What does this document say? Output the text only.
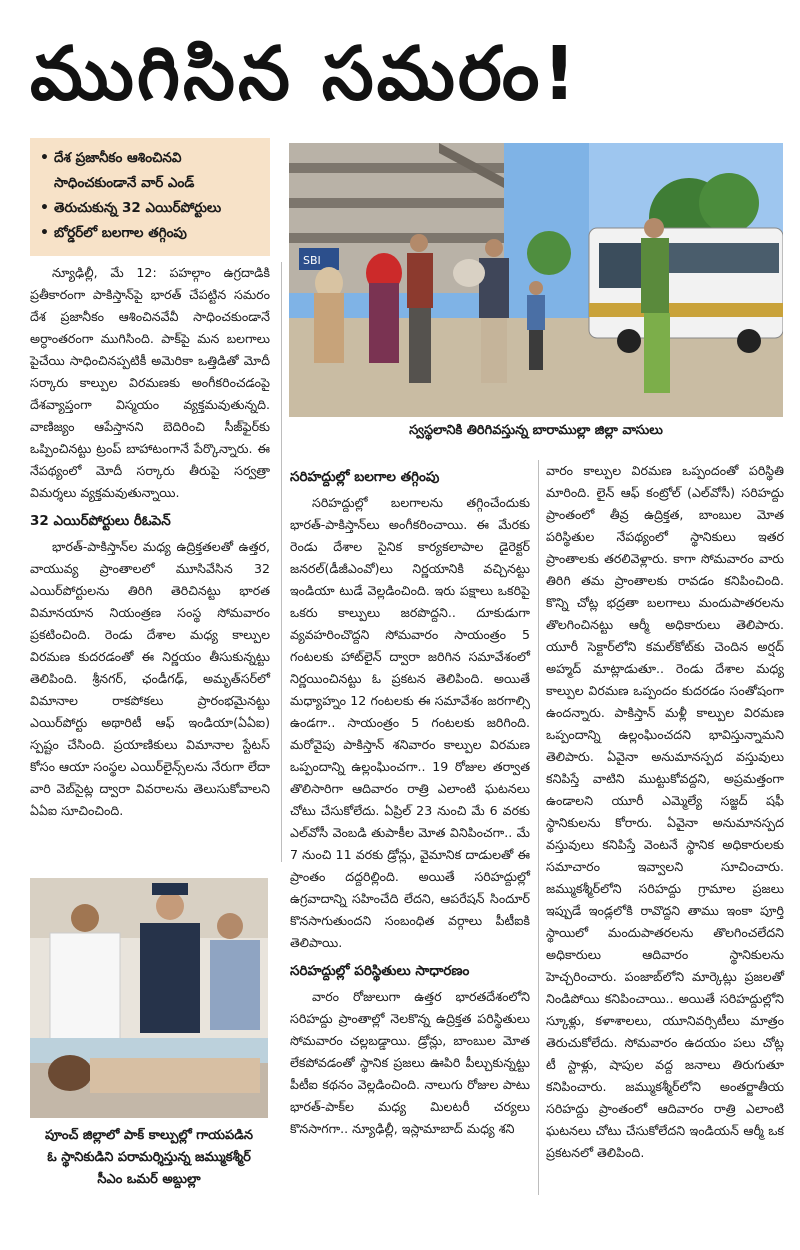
ముగిసిన సమరం!
• దేశ ప్రజానీకం ఆశించినవి
సాధించకుండానే వార్ ఎండ్
• తెరుచుకున్న 32 ఎయిర్‌పోర్టులు
• బోర్డర్‌లో బలగాల తగ్గింపు
SBI
స్వస్థలానికి తిరిగివస్తున్న బారాముల్లా జిల్లా వాసులు

న్యూఢిల్లీ, మే 12: పహల్గాం ఉగ్రదాడికి ప్రతీకారంగా పాకిస్తాన్‌పై భారత్ చేపట్టిన సమరం దేశ ప్రజానీకం ఆశించినవేవీ సాధించకుండానే అర్ధాంతరంగా ముగిసింది. పాక్‌పై మన బలగాలు పైచేయి సాధించినప్పటికీ అమెరికా ఒత్తిడితో మోదీ సర్కారు కాల్పుల విరమణకు అంగీకరించడంపై దేశవ్యాప్తంగా విస్మయం వ్యక్తమవుతున్నది. వాణిజ్యం ఆపేస్తానని బెదిరించి సీజ్‌ఫైర్‌కు ఒప్పించినట్టు ట్రంప్ బాహాటంగానే పేర్కొన్నారు. ఈ నేపథ్యంలో మోదీ సర్కారు తీరుపై సర్వత్రా విమర్శలు వ్యక్తమవుతున్నాయి.

32 ఎయిర్‌పోర్టులు రీఓపెన్

భారత్-పాకిస్తాన్‌ల మధ్య ఉద్రిక్తతలతో ఉత్తర, వాయువ్య ప్రాంతాలలో మూసివేసిన 32 ఎయిర్‌పోర్టులను తిరిగి తెరిచినట్టు భారత విమానయాన నియంత్రణ సంస్థ సోమవారం ప్రకటించింది. రెండు దేశాల మధ్య కాల్పుల విరమణ కుదరడంతో ఈ నిర్ణయం తీసుకున్నట్టు తెలిపింది. శ్రీనగర్, ఛండీగఢ్, అమృత్‌సర్‌లో విమానాల రాకపోకలు ప్రారంభమైనట్టు ఎయిర్‌పోర్టు అథారిటీ ఆఫ్ ఇండియా(ఏఏఐ) స్పష్టం చేసింది. ప్రయాణికులు విమానాల స్టేటస్ కోసం ఆయా సంస్థల ఎయిర్‌లైన్స్‌లను నేరుగా లేదా వారి వెబ్‌సైట్ల ద్వారా వివరాలను తెలుసుకోవాలని ఏఏఐ సూచించింది.

పూంచ్ జిల్లాలో పాక్ కాల్పుల్లో గాయపడిన
ఓ స్థానికుడిని పరామర్శిస్తున్న జమ్ముకశ్మీర్
సీఎం ఒమర్ అబ్దుల్లా

సరిహద్దుల్లో బలగాల తగ్గింపు

సరిహద్దుల్లో బలగాలను తగ్గించేందుకు భారత్-పాకిస్తాన్‌లు అంగీకరించాయి. ఈ మేరకు రెండు దేశాల సైనిక కార్యకలాపాల డైరెక్టర్ జనరల్(డీజీఎంవో)లు నిర్ణయానికి వచ్చినట్టు ఇండియా టుడే వెల్లడించింది. ఇరు పక్షాలు ఒకరిపై ఒకరు కాల్పులు జరపొద్దని.. దూకుడుగా వ్యవహరించొద్దని సోమవారం సాయంత్రం 5 గంటలకు హాట్‌లైన్ ద్వారా జరిగిన సమావేశంలో నిర్ణయించినట్టు ఓ ప్రకటన తెలిపింది. అయితే మధ్యాహ్నం 12 గంటలకు ఈ సమావేశం జరగాల్సి ఉండగా.. సాయంత్రం 5 గంటలకు జరిగింది. మరోవైపు పాకిస్తాన్ శనివారం కాల్పుల విరమణ ఒప్పందాన్ని ఉల్లంఘించగా.. 19 రోజుల తర్వాత తొలిసారిగా ఆదివారం రాత్రి ఎలాంటి ఘటనలు చోటు చేసుకోలేదు. ఏప్రిల్ 23 నుంచి మే 6 వరకు ఎల్‌వోసీ వెంబడి తుపాకీల మోత వినిపించగా.. మే 7 నుంచి 11 వరకు డ్రోన్లు, వైమానిక దాడులతో ఈ ప్రాంతం దద్దరిల్లింది. అయితే సరిహద్దుల్లో ఉగ్రవాదాన్ని సహించేది లేదని, ఆపరేషన్ సిందూర్ కొనసాగుతుందని సంబంధిత వర్గాలు పీటీఐకి తెలిపాయి.

సరిహద్దుల్లో పరిస్థితులు సాధారణం

వారం రోజులుగా ఉత్తర భారతదేశంలోని సరిహద్దు ప్రాంతాల్లో నెలకొన్న ఉద్రిక్తత పరిస్థితులు సోమవారం చల్లబడ్డాయి. డ్రోన్లు, బాంబుల మోత లేకపోవడంతో స్థానిక ప్రజలు ఊపిరి పీల్చుకున్నట్టు పీటీఐ కథనం వెల్లడించింది. నాలుగు రోజుల పాటు భారత్-పాక్‌ల మధ్య మిలటరీ చర్యలు కొనసాగగా.. న్యూఢిల్లీ, ఇస్లామాబాద్ మధ్య శని

వారం కాల్పుల విరమణ ఒప్పందంతో పరిస్థితి మారింది. లైన్ ఆఫ్ కంట్రోల్ (ఎల్‌వోసీ) సరిహద్దు ప్రాంతంలో తీవ్ర ఉద్రిక్తత, బాంబుల మోత పరిస్థితుల నేపథ్యంలో స్థానికులు ఇతర ప్రాంతాలకు తరలివెళ్లారు. కాగా సోమవారం వారు తిరిగి తమ ప్రాంతాలకు రావడం కనిపించింది. కొన్ని చోట్ల భద్రతా బలగాలు మందుపాతరలను తొలగించినట్టు ఆర్మీ అధికారులు తెలిపారు. యూరీ సెక్టార్‌లోని కమల్‌కోట్‌కు చెందిన అర్షద్ అహ్మద్ మాట్లాడుతూ.. రెండు దేశాల మధ్య కాల్పుల విరమణ ఒప్పందం కుదరడం సంతోషంగా ఉందన్నారు. పాకిస్తాన్ మళ్లీ కాల్పుల విరమణ ఒప్పందాన్ని ఉల్లంఘించదని భావిస్తున్నామని తెలిపారు. ఏవైనా అనుమానస్పద వస్తువులు కనిపిస్తే వాటిని ముట్టుకోవద్దని, అప్రమత్తంగా ఉండాలని యూరీ ఎమ్మెల్యే సజ్జద్ షఫీ స్థానికులను కోరారు. ఏవైనా అనుమానస్పద వస్తువులు కనిపిస్తే వెంటనే స్థానిక అధికారులకు సమాచారం ఇవ్వాలని సూచించారు. జమ్ముకశ్మీర్‌లోని సరిహద్దు గ్రామాల ప్రజలు ఇప్పుడే ఇండ్లలోకి రావొద్దని తాము ఇంకా పూర్తి స్థాయిలో మందుపాతరలను తొలగించలేదని అధికారులు ఆదివారం స్థానికులను హెచ్చరించారు. పంజాబ్‌లోని మార్కెట్లు ప్రజలతో నిండిపోయి కనిపించాయి.. అయితే సరిహద్దుల్లోని స్కూళ్లు, కళాశాలలు, యూనివర్సిటీలు మాత్రం తెరుచుకోలేదు. సోమవారం ఉదయం పలు చోట్ల టీ స్టాళ్లు, షాపుల వద్ద జనాలు తిరుగుతూ కనిపించారు. జమ్ముకశ్మీర్‌లోని అంతర్జాతీయ సరిహద్దు ప్రాంతంలో ఆదివారం రాత్రి ఎలాంటి ఘటనలు చోటు చేసుకోలేదని ఇండియన్ ఆర్మీ ఒక ప్రకటనలో తెలిపింది.
